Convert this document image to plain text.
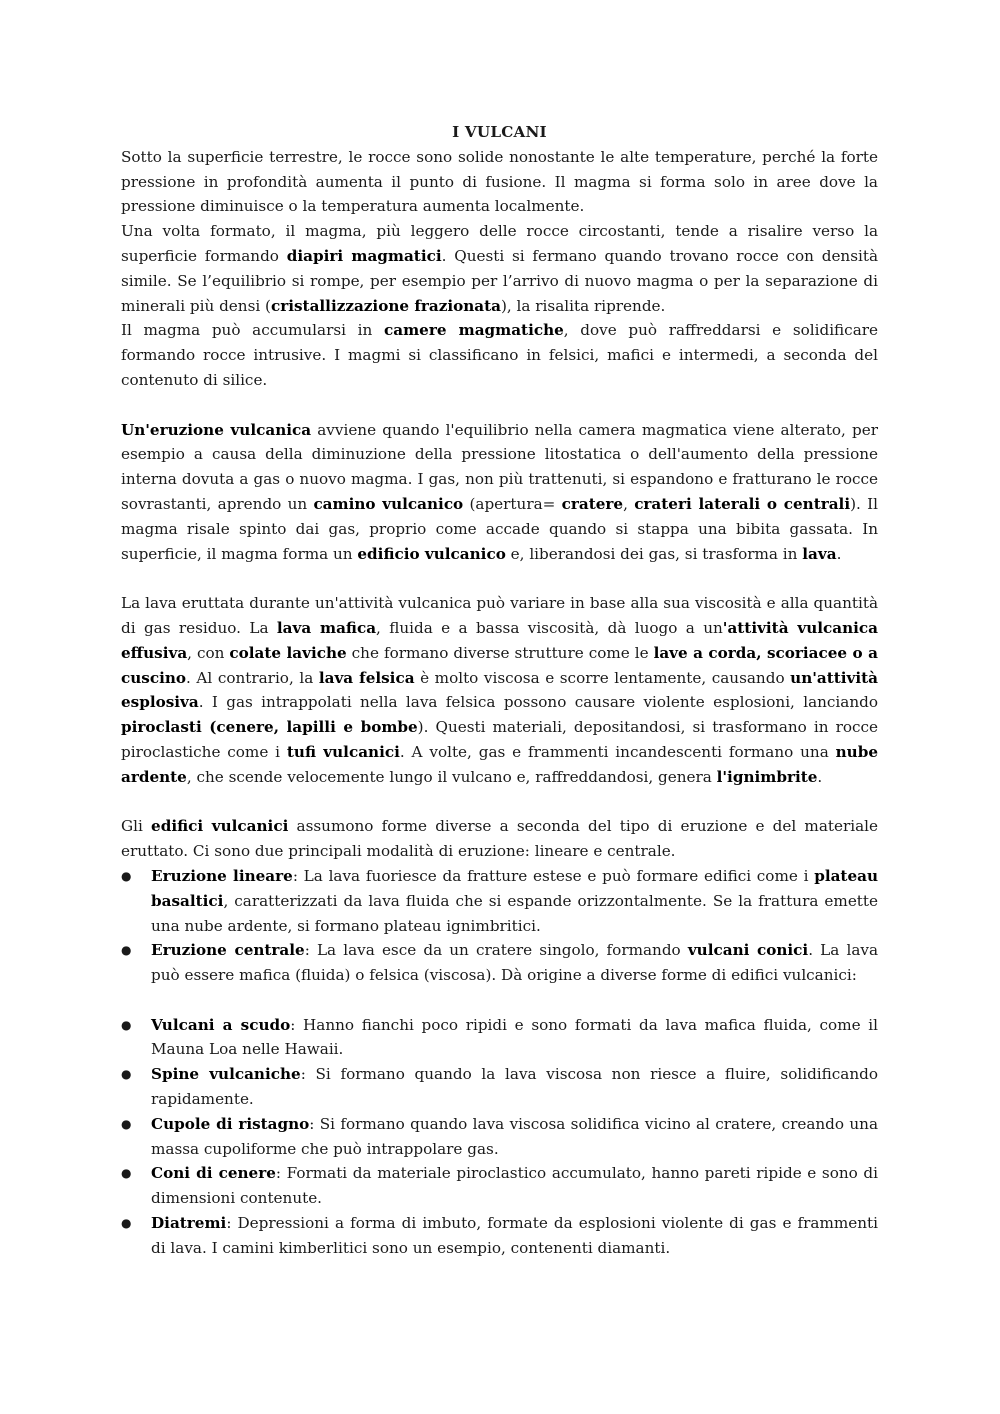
I VULCANI

Sotto la superficie terrestre, le rocce sono solide nonostante le alte temperature, perché la forte pressione in profondità aumenta il punto di fusione. Il magma si forma solo in aree dove la pressione diminuisce o la temperatura aumenta localmente.

Una volta formato, il magma, più leggero delle rocce circostanti, tende a risalire verso la superficie formando diapiri magmatici. Questi si fermano quando trovano rocce con densità simile. Se l’equilibrio si rompe, per esempio per l’arrivo di nuovo magma o per la separazione di minerali più densi (cristallizzazione frazionata), la risalita riprende.

Il magma può accumularsi in camere magmatiche, dove può raffreddarsi e solidificare formando rocce intrusive. I magmi si classificano in felsici, mafici e intermedi, a seconda del contenuto di silice.

Un'eruzione vulcanica avviene quando l'equilibrio nella camera magmatica viene alterato, per esempio a causa della diminuzione della pressione litostatica o dell'aumento della pressione interna dovuta a gas o nuovo magma. I gas, non più trattenuti, si espandono e fratturano le rocce sovrastanti, aprendo un camino vulcanico (apertura= cratere, crateri laterali o centrali). Il magma risale spinto dai gas, proprio come accade quando si stappa una bibita gassata. In superficie, il magma forma un edificio vulcanico e, liberandosi dei gas, si trasforma in lava.

La lava eruttata durante un'attività vulcanica può variare in base alla sua viscosità e alla quantità di gas residuo. La lava mafica, fluida e a bassa viscosità, dà luogo a un'attività vulcanica effusiva, con colate laviche che formano diverse strutture come le lave a corda, scoriacee o a cuscino. Al contrario, la lava felsica è molto viscosa e scorre lentamente, causando un'attività esplosiva. I gas intrappolati nella lava felsica possono causare violente esplosioni, lanciando piroclasti (cenere, lapilli e bombe). Questi materiali, depositandosi, si trasformano in rocce piroclastiche come i tufi vulcanici. A volte, gas e frammenti incandescenti formano una nube ardente, che scende velocemente lungo il vulcano e, raffreddandosi, genera l'ignimbrite.

Gli edifici vulcanici assumono forme diverse a seconda del tipo di eruzione e del materiale eruttato. Ci sono due principali modalità di eruzione: lineare e centrale.

●	Eruzione lineare: La lava fuoriesce da fratture estese e può formare edifici come i plateau basaltici, caratterizzati da lava fluida che si espande orizzontalmente. Se la frattura emette una nube ardente, si formano plateau ignimbritici.
●	Eruzione centrale: La lava esce da un cratere singolo, formando vulcani conici. La lava può essere mafica (fluida) o felsica (viscosa). Dà origine a diverse forme di edifici vulcanici:
●	Vulcani a scudo: Hanno fianchi poco ripidi e sono formati da lava mafica fluida, come il Mauna Loa nelle Hawaii.
●	Spine vulcaniche: Si formano quando la lava viscosa non riesce a fluire, solidificando rapidamente.
●	Cupole di ristagno: Si formano quando lava viscosa solidifica vicino al cratere, creando una massa cupoliforme che può intrappolare gas.
●	Coni di cenere: Formati da materiale piroclastico accumulato, hanno pareti ripide e sono di dimensioni contenute.
●	Diatremi: Depressioni a forma di imbuto, formate da esplosioni violente di gas e frammenti di lava. I camini kimberlitici sono un esempio, contenenti diamanti.
